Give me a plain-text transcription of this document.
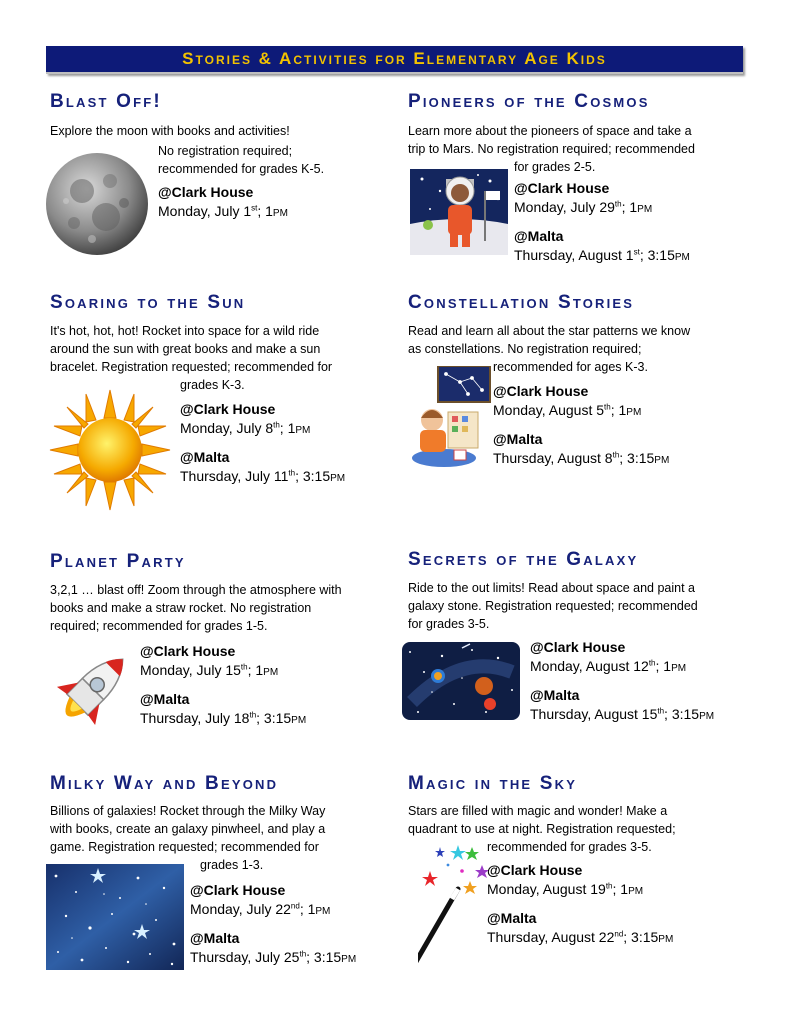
Stories & Activities for Elementary Age Kids
Blast Off!
Explore the moon with books and activities!
No registration required;
recommended for grades K-5.
@Clark House
Monday, July 1st; 1pm
Pioneers of the Cosmos
Learn more about the pioneers of space and take a
trip to Mars. No registration required; recommended
for grades 2-5.
@Clark House
Monday, July 29th; 1pm
@Malta
Thursday, August 1st; 3:15pm
Soaring to the Sun
It's hot, hot, hot! Rocket into space for a wild ride
around the sun with great books and make a sun
bracelet. Registration requested; recommended for
grades K-3.
@Clark House
Monday, July 8th; 1pm
@Malta
Thursday, July 11th; 3:15pm
Constellation Stories
Read and learn all about the star patterns we know
as constellations. No registration required;
recommended for ages K-3.
@Clark House
Monday, August 5th; 1pm
@Malta
Thursday, August 8th; 3:15pm
Planet Party
3,2,1 … blast off! Zoom through the atmosphere with
books and make a straw rocket. No registration
required; recommended for grades 1-5.
@Clark House
Monday, July 15th; 1pm
@Malta
Thursday, July 18th; 3:15pm
Secrets of the Galaxy
Ride to the out limits! Read about space and paint a
galaxy stone. Registration requested; recommended
for grades 3-5.
@Clark House
Monday, August 12th; 1pm
@Malta
Thursday, August 15th; 3:15pm
Milky Way and Beyond
Billions of galaxies! Rocket through the Milky Way
with books, create an galaxy pinwheel, and play a
game. Registration requested; recommended for
grades 1-3.
@Clark House
Monday, July 22nd; 1pm
@Malta
Thursday, July 25th; 3:15pm
Magic in the Sky
Stars are filled with magic and wonder! Make a
quadrant to use at night. Registration requested;
recommended for grades 3-5.
@Clark House
Monday, August 19th; 1pm
@Malta
Thursday, August 22nd; 3:15pm
